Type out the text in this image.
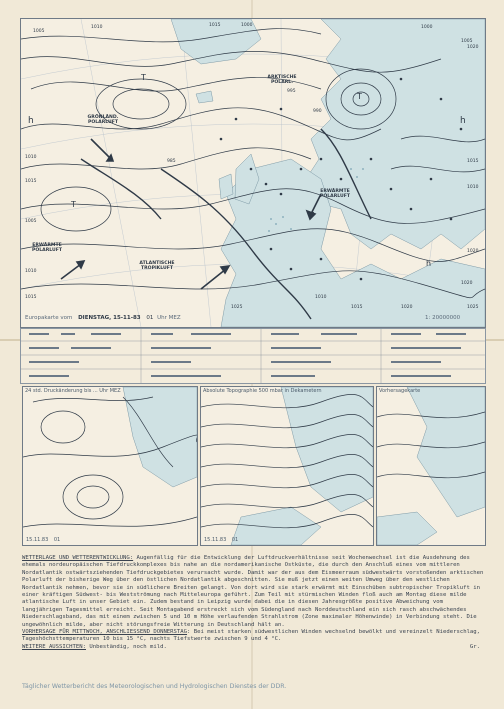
h	h
T
T
T
T
h
GRÖNLÄND. POLARLUFT
ARKTISCHE POLARL.
ERWÄRMTE POLARLUFT
ATLANTISCHE TROPIKLUFT
ERWÄRMTE POLARLUFT
1005
1010	1015	1000
995
990
985
1010
1015
1020
1015
1010
1005
1000
1020
1025
1015
1010
1005
1010
1015	1020	1025
1020
Europakarte vom DIENSTAG, 15-11-83 01 Uhr MEZ	1: 20000000
24 std. Druckänderung bis ... Uhr MEZ
15.11.83 01
Absolute Topographie 500 mbar in Dekametern
15.11.83 01
Vorhersagekarte

WETTERLAGE UND WETTERENTWICKLUNG: Augenfällig für die Entwicklung der Luftdruckverhältnisse seit Wochenwechsel ist die Ausdehnung des ehemals nordeuropäischen Tiefdruckkomplexes bis nahe an die nordamerikanische Ostküste, die durch den Anschluß eines vom mittleren Nordatlantik ostwärtsziehenden Tiefdruckgebietes verursacht wurde. Damit war der aus dem Eismeerraum südwestwärts vorstoßenden arktischen Polarluft der bisherige Weg über den östlichen Nordatlantik abgeschnitten. Sie muß jetzt einen weiten Umweg über den westlichen Nordatlantik nehmen, bevor sie in südlichere Breiten gelangt. Von dort wird sie stark erwärmt mit Einschüben subtropischer Tropikluft in einer kräftigen Südwest- bis Westströmung nach Mitteleuropa geführt. Zum Teil mit stürmischen Winden floß auch am Montag diese milde atlantische Luft in unser Gebiet ein. Zudem bestand in Leipzig wurde dabei die in diesen Jahresgrößte positive Abweichung vom langjährigen Tagesmittel erreicht. Seit Montagabend erstreckt sich vom Südengland nach Norddeutschland ein sich rasch abschwächendes Niederschlagsband, das mit einem zwischen 5 und 10 m Höhe verlaufenden Strahlstrom (Zone maximaler Höhenwinde) in Verbindung steht. Die ungewöhnlich milde, aber nicht störungsfreie Witterung in Deutschland hält an.

VORHERSAGE FÜR MITTWOCH, ANSCHLIESSEND DONNERSTAG: Bei meist starken südwestlichen Winden wechselnd bewölkt und vereinzelt Niederschlag, Tageshöchsttemperaturen 10 bis 15 °C, nachts Tiefstwerte zwischen 9 und 4 °C.

WEITERE AUSSICHTEN: Unbeständig, noch mild.	Gr.

Täglicher Wetterbericht des Meteorologischen und Hydrologischen Dienstes der DDR.
